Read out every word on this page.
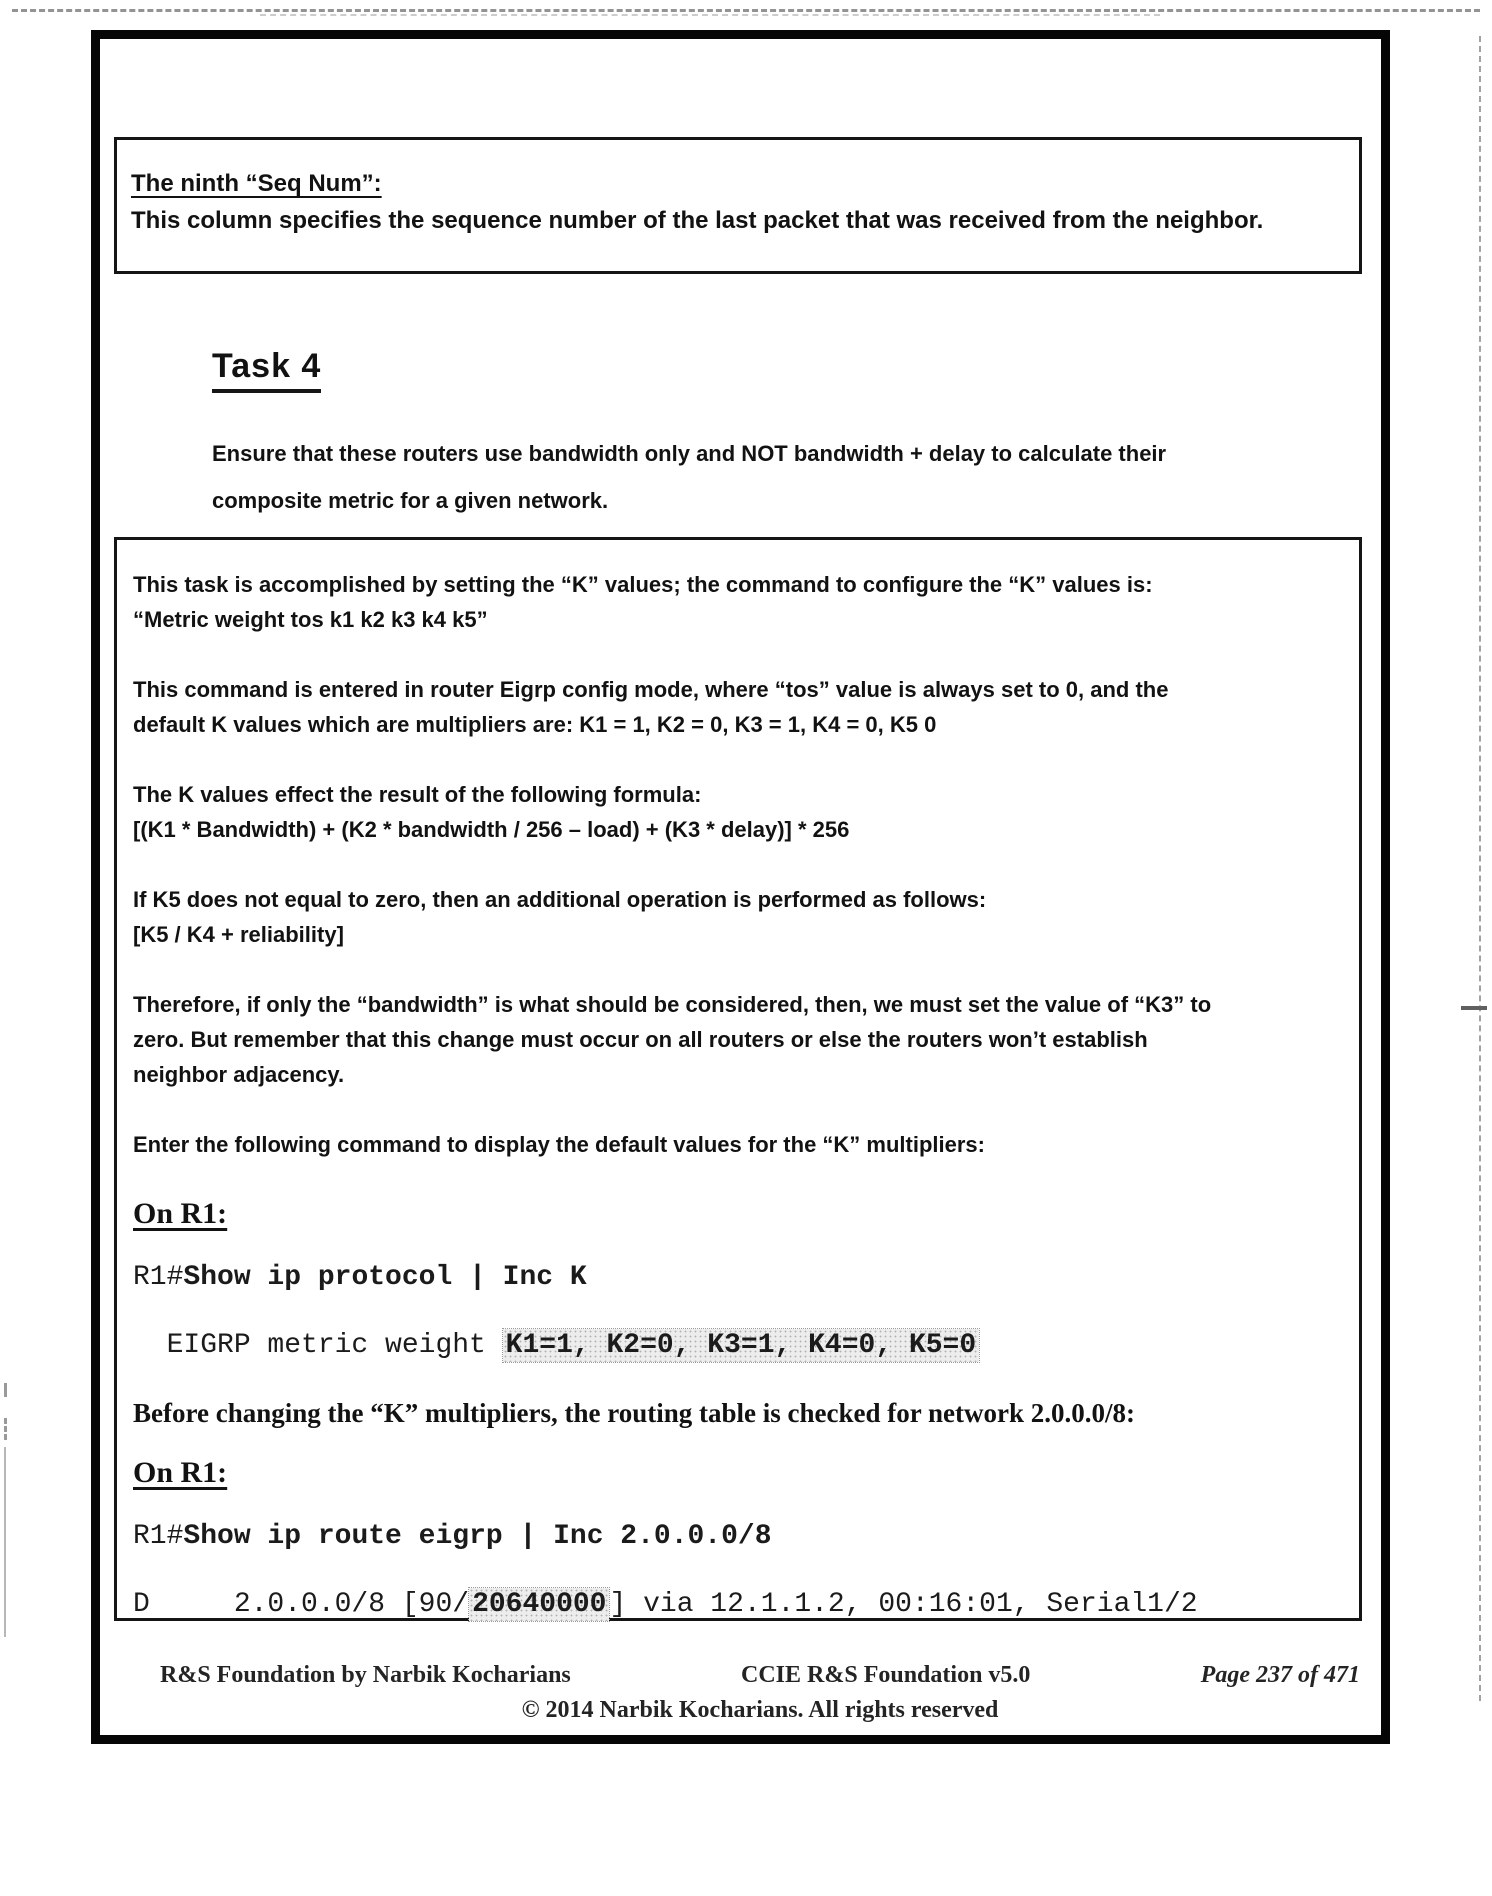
The ninth “Seq Num”:
This column specifies the sequence number of the last packet that was received from the neighbor.
Task 4
Ensure that these routers use bandwidth only and NOT bandwidth + delay to calculate their
composite metric for a given network.
This task is accomplished by setting the “K” values; the command to configure the “K” values is:
“Metric weight tos k1 k2 k3 k4 k5”
This command is entered in router Eigrp config mode, where “tos” value is always set to 0, and the
default K values which are multipliers are: K1 = 1, K2 = 0, K3 = 1, K4 = 0, K5 0
The K values effect the result of the following formula:
[(K1 * Bandwidth) + (K2 * bandwidth / 256 – load) + (K3 * delay)] * 256
If K5 does not equal to zero, then an additional operation is performed as follows:
[K5 / K4 + reliability]
Therefore, if only the “bandwidth” is what should be considered, then, we must set the value of “K3” to
zero. But remember that this change must occur on all routers or else the routers won’t establish
neighbor adjacency.
Enter the following command to display the default values for the “K” multipliers:
On R1:
R1#Show ip protocol | Inc K
EIGRP metric weight K1=1, K2=0, K3=1, K4=0, K5=0
Before changing the “K” multipliers, the routing table is checked for network 2.0.0.0/8:
On R1:
R1#Show ip route eigrp | Inc 2.0.0.0/8
D     2.0.0.0/8 [90/ 20640000 ] via 12.1.1.2, 00:16:01, Serial1/2
R&S Foundation by Narbik Kocharians	CCIE R&S Foundation v5.0	Page 237 of 471
© 2014 Narbik Kocharians. All rights reserved
